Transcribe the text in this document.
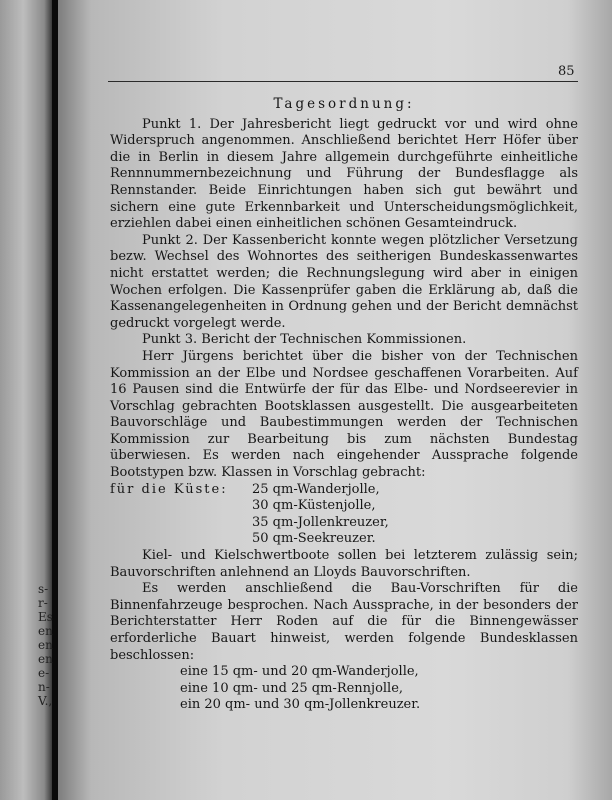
s-
r-
Es
en
en
en
e-
n-
V.,
85

Tagesordnung:

Punkt 1. Der Jahresbericht liegt gedruckt vor und wird ohne Widerspruch angenommen. Anschließend berichtet Herr Höfer über die in Berlin in diesem Jahre allgemein durchgeführte einheitliche Rennnummernbezeichnung und Führung der Bundesflagge als Rennstander. Beide Einrichtungen haben sich gut bewährt und sichern eine gute Erkennbarkeit und Unterscheidungsmöglichkeit, erziehlen dabei einen einheitlichen schönen Gesamteindruck.

Punkt 2. Der Kassenbericht konnte wegen plötzlicher Versetzung bezw. Wechsel des Wohnortes des seitherigen Bundeskassenwartes nicht erstattet werden; die Rechnungslegung wird aber in einigen Wochen erfolgen. Die Kassenprüfer gaben die Erklärung ab, daß die Kassenangelegenheiten in Ordnung gehen und der Bericht demnächst gedruckt vorgelegt werde.

Punkt 3. Bericht der Technischen Kommissionen.

Herr Jürgens berichtet über die bisher von der Technischen Kommission an der Elbe und Nordsee geschaffenen Vorarbeiten. Auf 16 Pausen sind die Entwürfe der für das Elbe- und Nordseerevier in Vorschlag gebrachten Bootsklassen ausgestellt. Die ausgearbeiteten Bauvorschläge und Baubestimmungen werden der Technischen Kommission zur Bearbeitung bis zum nächsten Bundestag überwiesen. Es werden nach eingehender Aussprache folgende Bootstypen bzw. Klassen in Vorschlag gebracht:

für die Küste:	25 qm-Wanderjolle,
30 qm-Küstenjolle,
35 qm-Jollenkreuzer,
50 qm-Seekreuzer.

Kiel- und Kielschwertboote sollen bei letzterem zulässig sein; Bauvorschriften anlehnend an Lloyds Bauvorschriften.

Es werden anschließend die Bau-Vorschriften für die Binnenfahrzeuge besprochen. Nach Aussprache, in der besonders der Berichterstatter Herr Roden auf die für die Binnengewässer erforderliche Bauart hinweist, werden folgende Bundesklassen beschlossen:

eine 15 qm- und 20 qm-Wanderjolle,

eine 10 qm- und 25 qm-Rennjolle,

ein 20 qm- und 30 qm-Jollenkreuzer.
